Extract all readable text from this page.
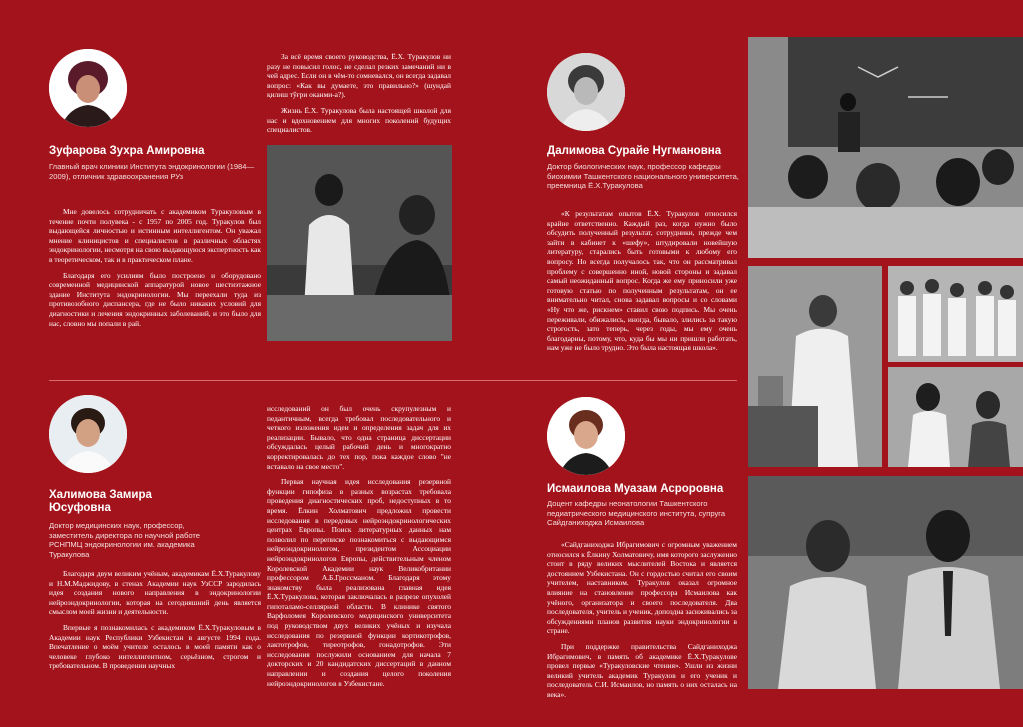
Зуфарова Зухра Амировна
Главный врач клиники Института эндокринологии (1984—2009), отличник здравоохранения РУз

Мне довелось сотрудничать с академиком Туракуловым в течение почти полувека - с 1957 по 2005 год. Туракулов был выдающейся личностью и истинным интеллигентом. Он уважал мнение клиницистов и специалистов в различных областях эндокринологии, несмотря на свою выдающуюся экспертность как в теоретическом, так и в практическом плане.

Благодаря его усилиям было построено и оборудовано современной медицинской аппаратурой новое шестиэтажное здание Института эндокринологии. Мы переехали туда из противозобного диспансера, где не было никаких условий для диагностики и лечения эндокринных заболеваний, и это было для нас, словно мы попали в рай.

За всё время своего руководства, Ё.Х. Туракулов ни разу не повысил голос, не сделал резких замечаний ни в чей адрес. Если он в чём-то сомневался, он всегда задавал вопрос: «Как вы думаете, это правильно?» (шундай қилиш тўғри оканми-а?).

Жизнь Ё.Х. Туракулова была настоящей школой для нас и вдохновением для многих поколений будущих специалистов.

Далимова Сурайе Нугмановна
Доктор биологических наук, профессор кафедры биохимии Ташкентского национального университета, преемница Ё.Х.Туракулова

«К результатам опытов Ё.Х. Туракулов относился крайне ответственно. Каждый раз, когда нужно было обсудить полученный результат, сотрудники, прежде чем зайти в кабинет к «шефу», штудировали новейшую литературу, старались быть готовыми к любому его вопросу. Но всегда получалось так, что он рассматривал проблему с совершенно иной, новой стороны и задавал самый неожиданный вопрос. Когда же ему приносили уже готовую статью по полученным результатам, он ее внимательно читал, снова задавал вопросы и со словами «Ну что же, рискнем» ставил свою подпись. Мы очень переживали, обижались, иногда, бывало, злились за такую строгость, зато теперь, через годы, мы ему очень благодарны, потому, что, куда бы мы ни пришли работать, нам уже не было трудно. Это была настоящая школа».

Халимова Замира Юсуфовна
Доктор медицинских наук, профессор, заместитель директора по научной работе РСНПМЦ эндокринологии им. академика Туракулова

Благодаря двум великим учёным, академикам Ё.Х.Туракулову и Н.М.Маджидову, в стенах Академии наук УзССР зародилась идея создания нового направления в эндокринологии нейроэндокринологии, которая на сегодняшний день является смыслом моей жизни и деятельности.

Впервые я познакомилась с академиком Ё.Х.Туракуловым в Академии наук Республики Узбекистан в августе 1994 года. Впечатление о моём учителе осталось в моей памяти как о человеке глубоко интеллигентном, серьёзном, строгом и требовательном. В проведении научных

исследований он был очень скрупулезным и педантичным, всегда требовал последовательного и четкого изложения идеи и определения задач для их реализации. Бывало, что одна страница диссертации обсуждалась целый рабочий день и многократно корректировалась до тех пор, пока каждое слово "не вставало на свое место".

Первая научная идея исследования резервной функции гипофиза в разных возрастах требовала проведения диагностических проб, недоступных в то время. Ёлкин Холматович предложил провести исследования в передовых нейроэндокринологических центрах Европы. Поиск литературных данных нам позволил по переписке познакомиться с выдающимся нейроэндокринологом, президентом Ассоциации нейроэндокринологов Европы, действительным членом Королевской Академии наук Великобритании профессором А.Б.Гроссманом. Благодаря этому знакомству была реализована главная идея Ё.Х.Туракулова, которая заключалась в разрезе опухолей гипоталамо-селлярной области. В клинике святого Варфоломея Королевского медицинского университета под руководством двух великих учёных и изучала исследования по резервной функции кортикотрофов, лактотрофов, тиреотрофов, гонадотрофов. Эти исследования послужили основанием для начала 7 докторских и 20 кандидатских диссертаций в данном направлении и создания целого поколения нейроэндокринологов в Узбекистане.

Исмаилова Муазам Асроровна
Доцент кафедры неонатологии Ташкентского педиатрического медицинского института, супруга Сайдганиходжа Исмаилова

«Сайдганиходжа Ибрагимович с огромным уважением относился к Ёлкину Холматовичу, имя которого заслуженно стоит в ряду великих мыслителей Востока и является достоянием Узбекистана. Он с гордостью считал его своим учителем, наставником. Туракулов оказал огромное влияние на становление профессора Исмаилова как учёного, организатора и своего последователя. Два последователя, учитель и ученик, допоздна засиживались за обсуждениями планов развития науки эндокринологии в стране.

При поддержке правительства Сайдганиходжа Ибрагимович, в память об академике Ё.Х.Туракулове провел первые «Туракуловские чтения». Ушли из жизни великий учитель академик Туракулов и его ученик и последователь С.И. Исмаилов, но память о них осталась на века».
